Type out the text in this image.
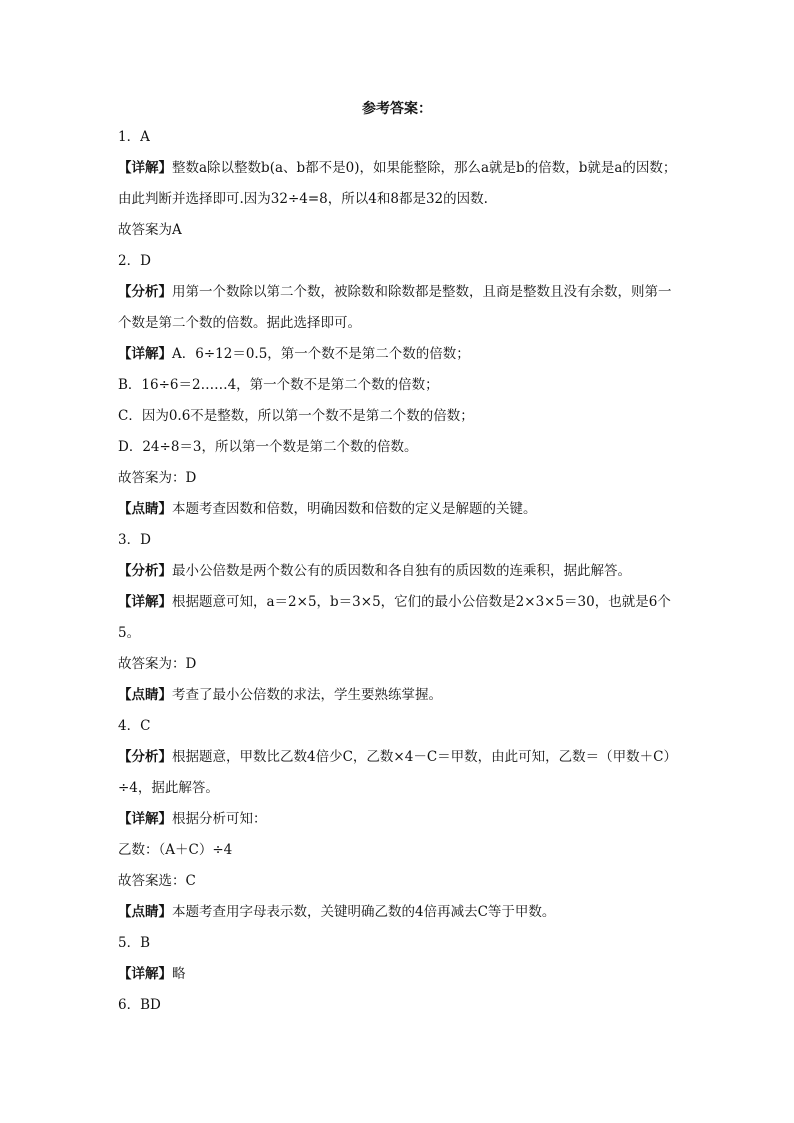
参考答案：
1．A
【详解】整数a除以整数b(a、b都不是0)，如果能整除，那么a就是b的倍数，b就是a的因数；由此判断并选择即可.因为32÷4=8，所以4和8都是32的因数.
故答案为A
2．D
【分析】用第一个数除以第二个数，被除数和除数都是整数，且商是整数且没有余数，则第一个数是第二个数的倍数。据此选择即可。
【详解】A．6÷12＝0.5，第一个数不是第二个数的倍数；
B．16÷6＝2……4，第一个数不是第二个数的倍数；
C．因为0.6不是整数，所以第一个数不是第二个数的倍数；
D．24÷8＝3，所以第一个数是第二个数的倍数。
故答案为：D
【点睛】本题考查因数和倍数，明确因数和倍数的定义是解题的关键。
3．D
【分析】最小公倍数是两个数公有的质因数和各自独有的质因数的连乘积，据此解答。
【详解】根据题意可知，a＝2×5，b＝3×5，它们的最小公倍数是2×3×5＝30，也就是6个5。
故答案为：D
【点睛】考查了最小公倍数的求法，学生要熟练掌握。
4．C
【分析】根据题意，甲数比乙数4倍少C，乙数×4－C＝甲数，由此可知，乙数＝（甲数＋C）÷4，据此解答。
【详解】根据分析可知：
乙数：（A＋C）÷4
故答案选：C
【点睛】本题考查用字母表示数，关键明确乙数的4倍再减去C等于甲数。
5．B
【详解】略
6．BD
